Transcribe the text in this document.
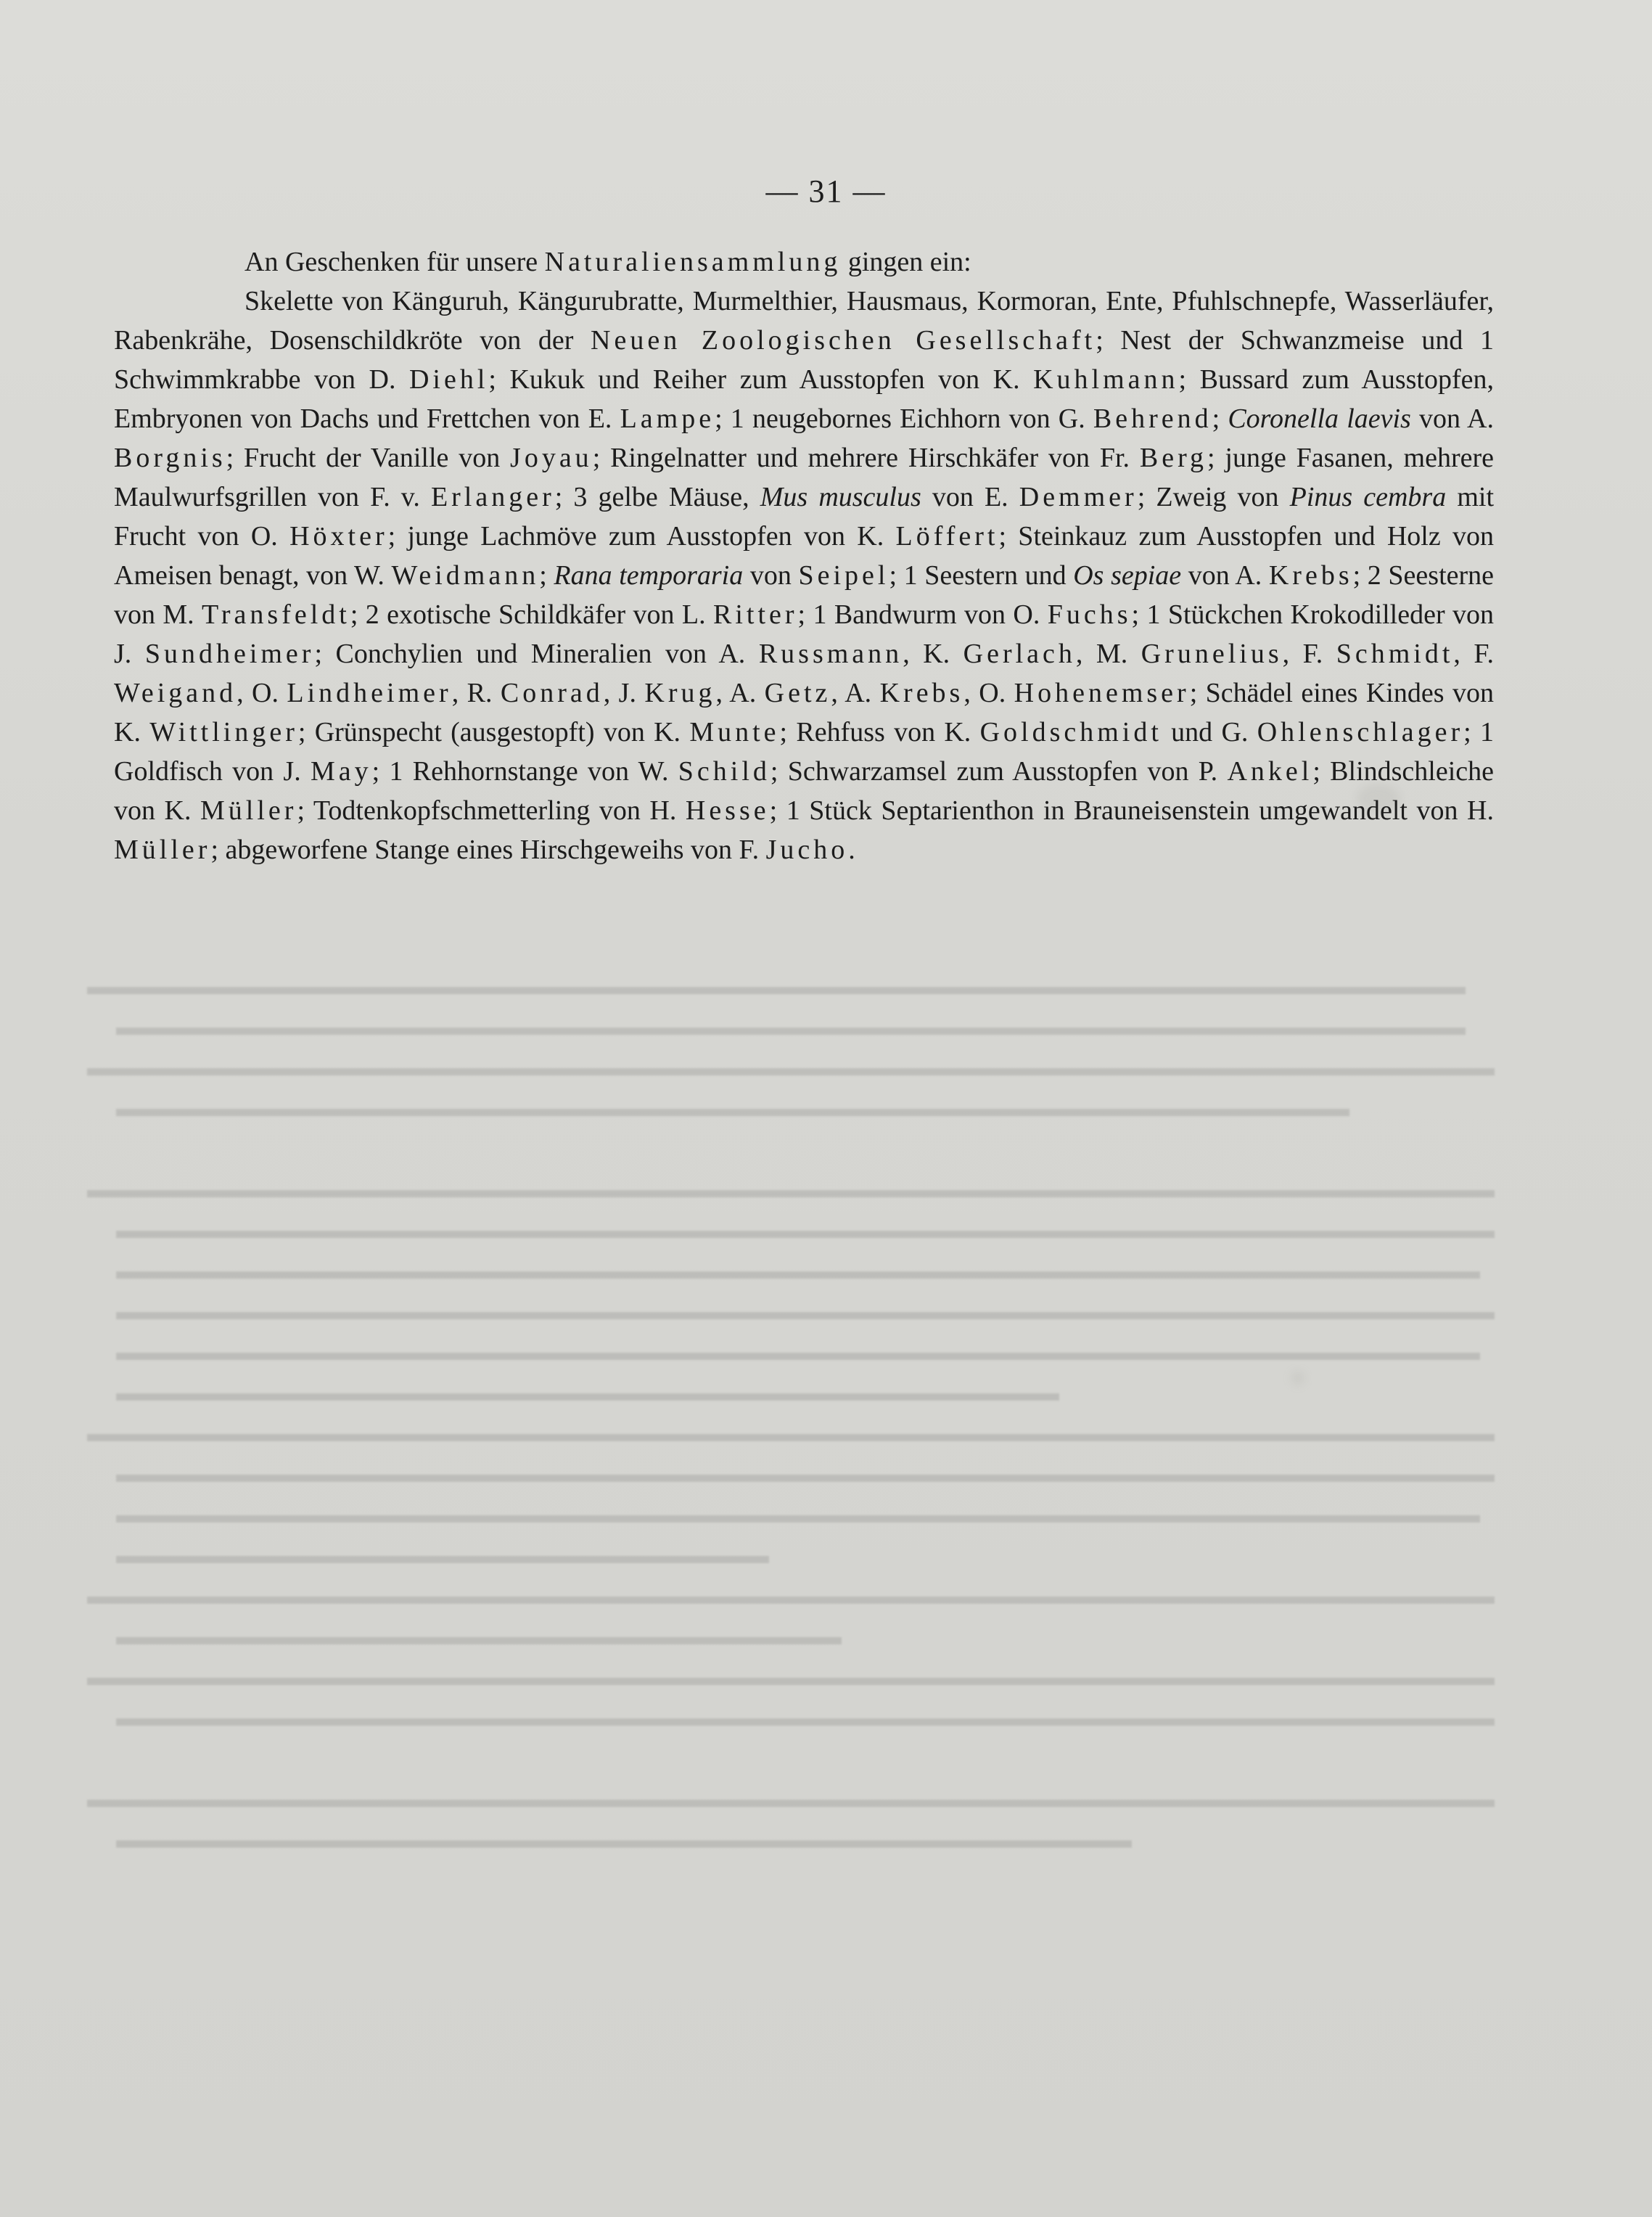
— 31 —

An Geschenken für unsere Naturaliensammlung gingen ein:

Skelette von Känguruh, Kängurubratte, Murmelthier, Hausmaus, Kormoran, Ente, Pfuhlschnepfe, Wasserläufer, Rabenkrähe, Dosenschildkröte von der Neuen Zoologischen Gesellschaft; Nest der Schwanzmeise und 1 Schwimmkrabbe von D. Diehl; Kukuk und Reiher zum Ausstopfen von K. Kuhlmann; Bussard zum Ausstopfen, Embryonen von Dachs und Frettchen von E. Lampe; 1 neugebornes Eichhorn von G. Behrend; Coronella laevis von A. Borgnis; Frucht der Vanille von Joyau; Ringelnatter und mehrere Hirschkäfer von Fr. Berg; junge Fasanen, mehrere Maulwurfsgrillen von F. v. Erlanger; 3 gelbe Mäuse, Mus musculus von E. Demmer; Zweig von Pinus cembra mit Frucht von O. Höxter; junge Lachmöve zum Ausstopfen von K. Löffert; Steinkauz zum Ausstopfen und Holz von Ameisen benagt, von W. Weidmann; Rana temporaria von Seipel; 1 Seestern und Os sepiae von A. Krebs; 2 Seesterne von M. Transfeldt; 2 exotische Schildkäfer von L. Ritter; 1 Bandwurm von O. Fuchs; 1 Stückchen Krokodilleder von J. Sundheimer; Conchylien und Mineralien von A. Russmann, K. Gerlach, M. Grunelius, F. Schmidt, F. Weigand, O. Lindheimer, R. Conrad, J. Krug, A. Getz, A. Krebs, O. Hohenemser; Schädel eines Kindes von K. Wittlinger; Grünspecht (ausgestopft) von K. Munte; Rehfuss von K. Goldschmidt und G. Ohlenschlager; 1 Goldfisch von J. May; 1 Rehhornstange von W. Schild; Schwarzamsel zum Ausstopfen von P. Ankel; Blindschleiche von K. Müller; Todtenkopfschmetterling von H. Hesse; 1 Stück Septarienthon in Brauneisenstein umgewandelt von H. Müller; abgeworfene Stange eines Hirschgeweihs von F. Jucho.
